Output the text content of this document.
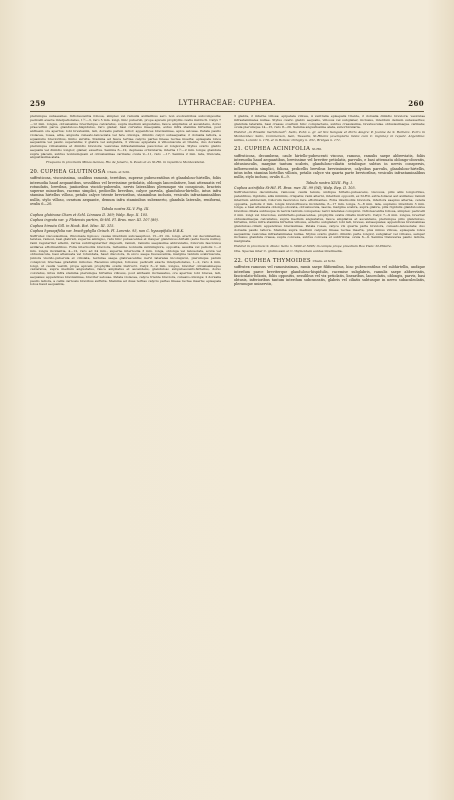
259	LYTHRACEAE: CUPHEA.	260

plerumque subsessiles. Inflorescentia foliosa, simplex vel ramulis axillaribus sero non evolventibus subcomposita; pedicelli exacte interpetiolares, 1½—3, raro 5 mm. longi, hinc puberuli, prope apicem prophyllis ovatis instructi. Calyx 7—12 mm. longus, obtusissime breviterque calcaratus, supra medium angustatus, fauce ampliatus et ascendens, dorso praecertim parce glanduloso-hispidulus, raro glaber, basi curvatus inaequalis, extus infra stamina hirtellus, post anthesin ore apertus; lobi brevissimi, lati, dorsalis parum latior; appendices brevissimae, apice setosae. Petala paullo violacea, rosea, alba, angusta cuneato-lanceolata vel fere oblonga, dimidio calyci subaequalia; 2 dorsalia latiora, a squamulis brevioribus, limbo sufulta. Stamina ad fauce tertiae calycis partes lineae rectae inserta; episepala lobos aequantia vel paullo superantia; 2 glabra vel subglabra, 3 villosa; epipetala 4 villosiuscula et triente, duo dorsalia plerumque villosissima et dimidio breviora; vesiculae infrastaminales pauciores et longiores. Stylus ovario glabro aequalis vel dimidio longior, glaber, exsertus. Semina 6—12, depresse orbicularia, interna 1½—2 mm. longa; glandula supra placam, subtus nonnumquam et obtusissimae carinata; ovula 9—11, raro —17. Semina 2 mm. lata, truncata, angustissima alata.

Frequens in provinciis Minas Geraes, Rio de Janeiro, S. Paulo et ex St-Hil. in republica Montevidensi.

20. CUPHEA GLUTINOSA Cham. et Schl.

suffruticosa, viscosissima, caulibus ramosis, teretibus, superne pubescentibus et glanduloso-hirtellis, foliis internodia haud aequantibus, sessilibus vel brevissime petiolatis, oblongis lanceolatisve, basi attenuatis vel rotundatis, brevibus, juniioribus viscido-puberulis, nervis lateralibus plerumque vix conspicuis, bracteis superne minoribus, racemo simplici, pedicellis brevibus, calyce parvula, glanduloso-hirtello, intus infra stamina hirtellus villoso, petalis calyce triente brevioribus, staminibus inclusis, vesiculis infrastaminalibus nullis, stylo villoso, ovarium aequante, demum infra staminibus subexserto, glandula lateralis, reniformi, ovulis 6—20.

Tabula nostra XL.V. Fig. III.

Cuphea glutinosa Cham et Schl. Linnaea II. 369; Walp. Rep. II. 105.

Cuphea ingrata var. y. Platensis partim, St-Hil. Fl. Bras. mer. III. 107 (89).

Cuphea hirsuta Gill. in Hook. Bot. Misc. III. 315.

Cuphea hyssopifolia var. brachyphylla Griseb. Pl. Lorentz. 93, non C. hyssopifolia H.B.K.

Suffrutex viscosissimus, rhizomate lignoso; caules interdum subcaespitosi, 15—25 cm. longi, erecti vel decumbentes, teretes, ramosi, basi glabrati, superne ambiguo, ratu hinc pubescentes et insuper glanduloso-hirtelli (setis fuscis nullis); rami regulariter alterni, rarius subirregulariter dispositi, ramuli, ramulis saepissime abbreviatis, foliorum fasciculos axillares efformantibus. Folia internodiis breviora, rarissime nonnulla subbiniglora, opposita, sessilia vel petiolis 1—2 mm. longis incidentia, 4—12, raro ad 24 mm., superne internodia 3 mm. longa, oblonga vel lanceolata, acuta vel obtusiuscula, basi attenuata vel rotundata, haud discolora, in sicco saepe fuscescentia, margine tantum scabriuscula, juniora viscido-puberula et ciliolata, texturae saepe glabrescentia; nervi laterales inconspicui, plerumque parum conspicui; bracteae gradatim minores. Racemus simplex, foliosus; pedicelli exacte interpetiolares, 1—2, raro 4 mm. longi, ut caulis vestiti, prope apicem prophyllis ovatis instructi. Calyx 6—9 mm. longus, breviter obtusissimeque calcaratus, supra medium angustatus, fauce ampliatus et ascendens, glanduloso subpubescenti-hirtellus, dorso coloratus, intus infra stamina plerumque hirtellus villosus, post anthesin incrassatus, ore apertus; lobi breves, lati, aequales; appendices brevissimae, breviter setosae. Petala violacea, calyce triente breviora, cuneato-oblonga; 2 dorsalia paullo latiora, a callis carnosis brevibus suffulta. Stamina ad duas tertias calycis partes lineae rectae inserta; episepala lobos haud aequantia,

3 glabra, 2 inferne villosa; epipetala villosa, 4 ventralia episepalis triente, 2 dorsalia dimidio breviora; vesiculae infrastaminales nullae. Stylus ovario glabro aequalis, villosus vel subglaber, inclusus, interdum demum subexsertus; glandula lateralis, basi crassa; ovarium hinc complectens, subtus crassissima, breviusculae obtusissimaque carinata; ovula plerumque 14—15, raro 8—20. Semina angustissime alata, suborbicularia.

Habitat „in Brasilia meridionali“: Sello, Pohl; s. gr. ad Sra Sanguis et Porto Alegre: P. Joanne de S. Barbara. Porro in Montevideo: Sello, Commerson, Isab, Tweedie, St-Hilaire (exemplaria mixta cum C. ingrata); in republ. Argentina: Gillies, Lorentz n. 179, et in Bolivia: Orbigny n. 251, Bridges n. 171.

21. CUPHEA ACINIFOLIA St-Hil.

suffruticosa, decumbens, caule hirtello-pubescenti viscoso, ramoso, ramulis saepe abbreviatis, foliis internodia haud aequantibus, brevissime vel breviter petiolatis, parvulis, e basi attenuata oblongo-obovatis, obtusiusculis, margine tantum scabris, glanduloso-ciliatis setulisque subtus in nervis conspersis, inflorescentia simplici, foliosa, pedicellis brevibus brevissimisve, calycibus parvulis, glanduloso-hirtellis, intus infra stamina hirtellus villosis, petalis calyce vix quarta parte brevioribus, vesiculis infrastaminalibus nullis, stylo incluso, ovulis 6—9.

Tabula nostra XLVII. Fig. I.

Cuphea acinifolia St-Hil. Fl. Bras. mer. III. 99 (94); Walp. Rep. II. 105.

Suffrutexculus decumbens, ramosus; caulis tenuis, undique hirtello-pubescens, viscosus, pilis aliis longioribus, patentibus, rigidulis, aliis minimis, crispatis; rami alterni, interdum oppositi, ex St-Hil. extra-foliacei aut axillares; ramuli interdum abbreviati, foliorum fasciculos fere efformantes. Folia internodiis breviora, inferiora saepius alterna, cetera opposita, petiolis 2 mm. longis brevioribusve incidentia, 6—17 mm. longa, 3—8 mm. lata, supremo interdum 3 mm. longa, e basi attenuata oblongo-obovata, obtusiuscula, laevia, margine scabra, supra glabra, pilis rigidulis glandulosisve brevibus ciliata subtusque in nervis tantum conspersa; nervi laterales conspicui. Inflorescentia foliosa, simplex; pedicelli 2 mm. longi vel breviores, subhirtello-pubescentes, prophyllis ovatis ciliatis instructi. Calyx 7—9 mm. longus, breviter obtusissimeque calcaratus, supra medium angustatus, fauce ampliatus et ascendens, plerumque pilis glanduloso-hirtellus, intus infra stamina hirtellus villosus, externo subglaber; lobi lati, breves, subaequales; appendices brevissimae glanduloso-ciliati; appendices brevissimae. Petala rosea, calyce vix quarta parte breviora, cuneato-lanceolata; duo dorsalia paullo latiora. Stamina supra medium calycem lineae rectae inserta, plus minus villosa, episepala lobos aequantia; vesiculae infrastaminales nullae. Stylus ovario glabro dimidio parte longior, subglaber vel villosus, semper inclusus; glandula crassa, supra convexa, subtus convexa et subtriloba; ovula 6—9. Semina transversa paullo latiora, marginata.

Habitat in provincia S. Paulo: Sello n. 5000 et 5095; in campis prope praedium Boa Vista: St-Hilaire.

Obs. Species inter C. glutinosam et C. thymoidem euntes intermedia.

22. CUPHEA THYMOIDES Cham. et Schl.

suffrutex ramosus vel ramosissimus, ramis saepe filiformibus, hinc pubescentibus vel subhirtellis, undique interdum parce breviterque glanduloso-hispidulis, racemise subglabris, ramulis saepe abbreviatis, fasciculato-foliosis, foliis oppositis, sessilibus vel vix petiolatis, linearibus, lanceolatis, oblongis, parvis, basi obtusis, inferioribus tantum interdum subcuneatis, glabris vel ciliatis subtusque in nervo subaculeolatis, plerumque uninerviis,
